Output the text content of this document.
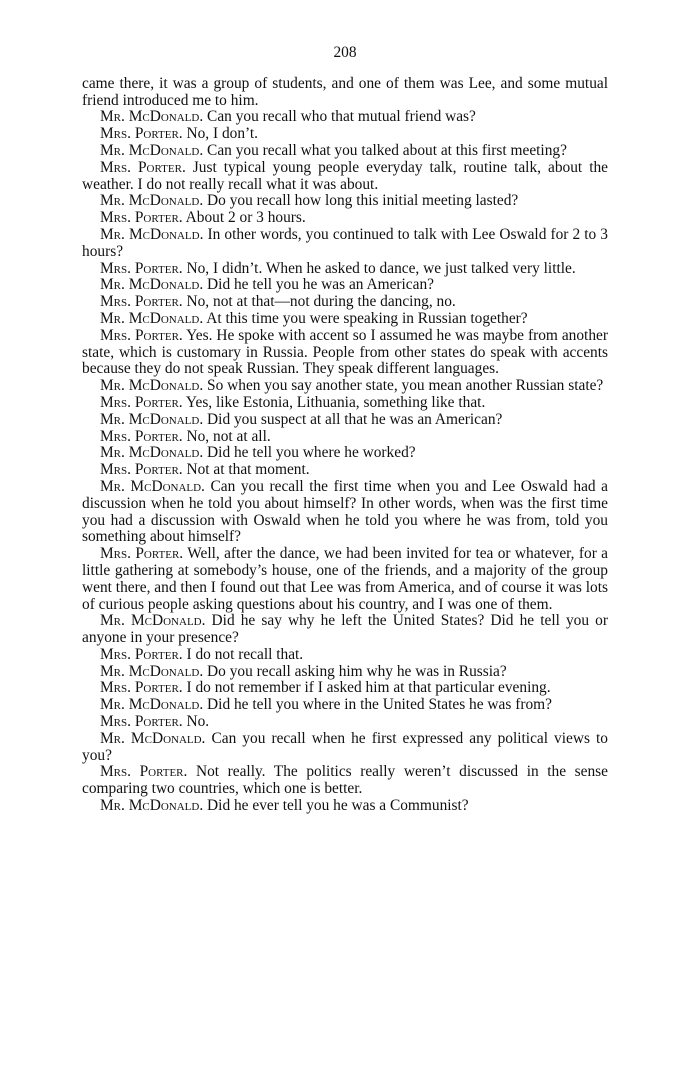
208

came there, it was a group of students, and one of them was Lee, and some mutual friend introduced me to him.

Mr. McDonald. Can you recall who that mutual friend was?

Mrs. Porter. No, I don’t.

Mr. McDonald. Can you recall what you talked about at this first meeting?

Mrs. Porter. Just typical young people everyday talk, routine talk, about the weather. I do not really recall what it was about.

Mr. McDonald. Do you recall how long this initial meeting lasted?

Mrs. Porter. About 2 or 3 hours.

Mr. McDonald. In other words, you continued to talk with Lee Oswald for 2 to 3 hours?

Mrs. Porter. No, I didn’t. When he asked to dance, we just talked very little.

Mr. McDonald. Did he tell you he was an American?

Mrs. Porter. No, not at that—not during the dancing, no.

Mr. McDonald. At this time you were speaking in Russian together?

Mrs. Porter. Yes. He spoke with accent so I assumed he was maybe from another state, which is customary in Russia. People from other states do speak with accents because they do not speak Russian. They speak different languages.

Mr. McDonald. So when you say another state, you mean another Russian state?

Mrs. Porter. Yes, like Estonia, Lithuania, something like that.

Mr. McDonald. Did you suspect at all that he was an American?

Mrs. Porter. No, not at all.

Mr. McDonald. Did he tell you where he worked?

Mrs. Porter. Not at that moment.

Mr. McDonald. Can you recall the first time when you and Lee Oswald had a discussion when he told you about himself? In other words, when was the first time you had a discussion with Oswald when he told you where he was from, told you something about himself?

Mrs. Porter. Well, after the dance, we had been invited for tea or whatever, for a little gathering at somebody’s house, one of the friends, and a majority of the group went there, and then I found out that Lee was from America, and of course it was lots of curious people asking questions about his country, and I was one of them.

Mr. McDonald. Did he say why he left the United States? Did he tell you or anyone in your presence?

Mrs. Porter. I do not recall that.

Mr. McDonald. Do you recall asking him why he was in Russia?

Mrs. Porter. I do not remember if I asked him at that particular evening.

Mr. McDonald. Did he tell you where in the United States he was from?

Mrs. Porter. No.

Mr. McDonald. Can you recall when he first expressed any political views to you?

Mrs. Porter. Not really. The politics really weren’t discussed in the sense comparing two countries, which one is better.

Mr. McDonald. Did he ever tell you he was a Communist?
